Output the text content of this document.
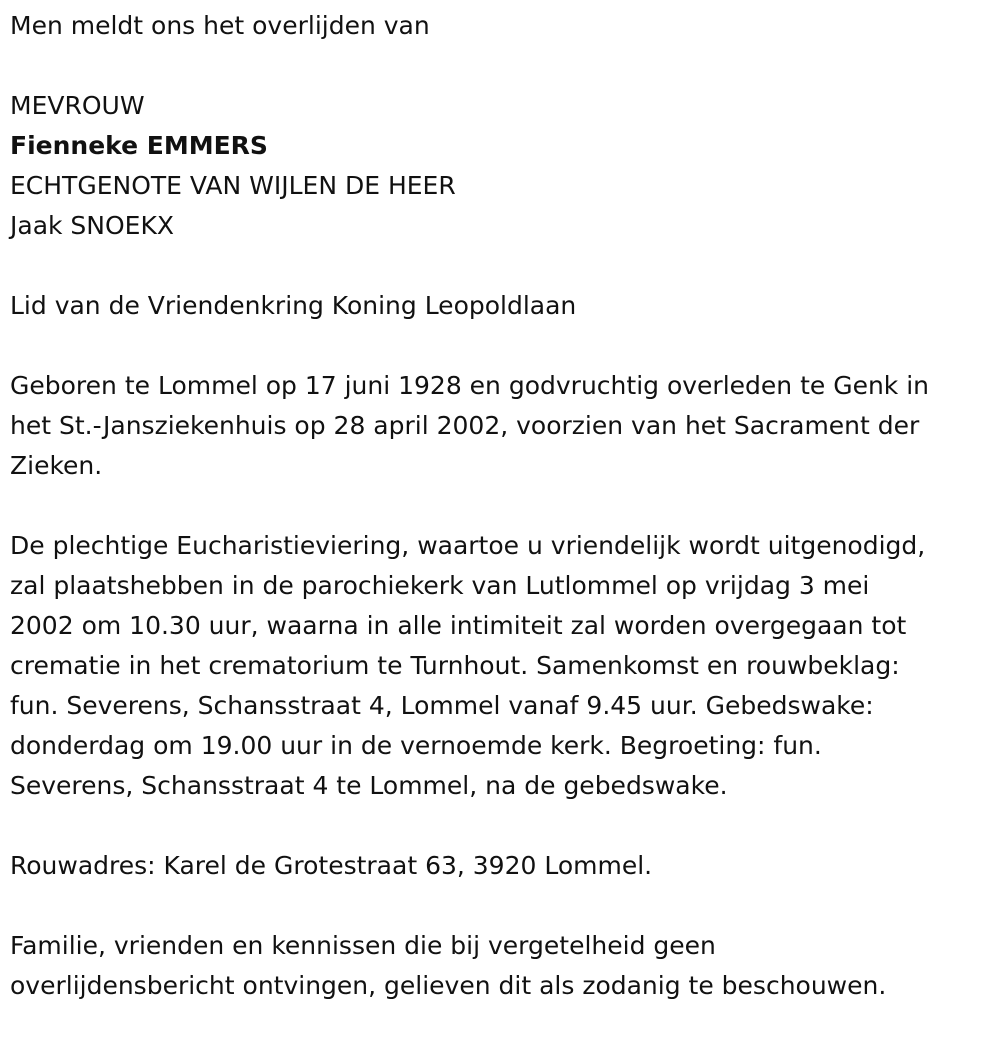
Men meldt ons het overlijden van

MEVROUW

Fienneke EMMERS

ECHTGENOTE VAN WIJLEN DE HEER

Jaak SNOEKX

Lid van de Vriendenkring Koning Leopoldlaan

Geboren te Lommel op 17 juni 1928 en godvruchtig overleden te Genk in

het St.-Jansziekenhuis op 28 april 2002, voorzien van het Sacrament der

Zieken.

De plechtige Eucharistieviering, waartoe u vriendelijk wordt uitgenodigd,

zal plaatshebben in de parochiekerk van Lutlommel op vrijdag 3 mei

2002 om 10.30 uur, waarna in alle intimiteit zal worden overgegaan tot

crematie in het crematorium te Turnhout. Samenkomst en rouwbeklag:

fun. Severens, Schansstraat 4, Lommel vanaf 9.45 uur. Gebedswake:

donderdag om 19.00 uur in de vernoemde kerk. Begroeting: fun.

Severens, Schansstraat 4 te Lommel, na de gebedswake.

Rouwadres: Karel de Grotestraat 63, 3920 Lommel.

Familie, vrienden en kennissen die bij vergetelheid geen

overlijdensbericht ontvingen, gelieven dit als zodanig te beschouwen.
